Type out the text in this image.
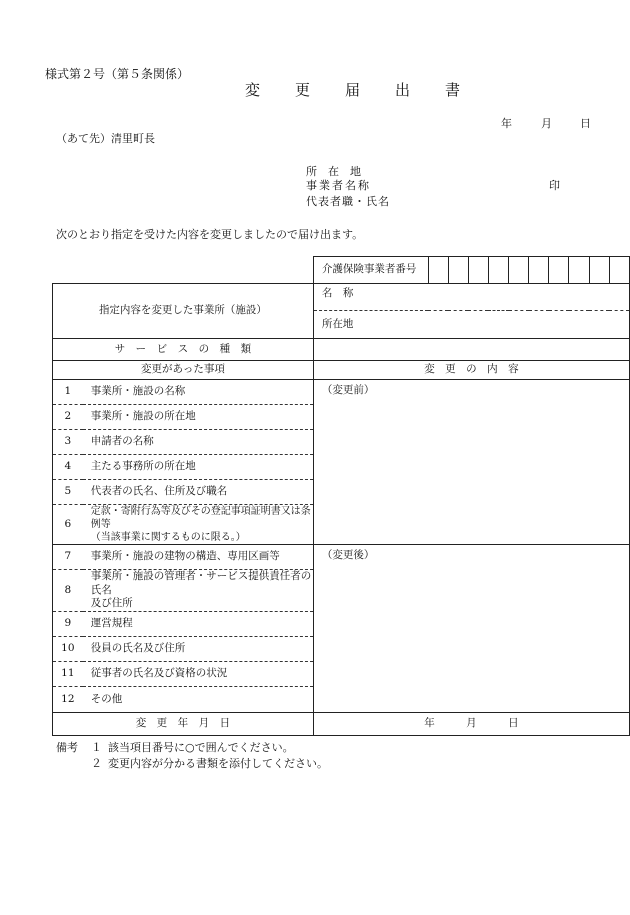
様式第２号（第５条関係）
変　更　届　出　書
年	月	日
（あて先）清里町長
所　在　地
事業者名称	印
代表者職・氏名
次のとおり指定を受けた内容を変更しましたので届け出ます。
		介護保険事業者番号										
指定内容を変更した事業所（施設）		名　称										
		所在地										
サ　ー　ビ　ス　の　種　類												
変更があった事項		変　更　の　内　容										
1	事業所・施設の名称	（変更前）										
2	事業所・施設の所在地											
3	申請者の名称											
4	主たる事務所の所在地											
5	代表者の氏名、住所及び職名											
6	定款・寄附行為等及びその登記事項証明書又は条例等
（当該事業に関するものに限る。）											

7	事業所・施設の建物の構造、専用区画等	（変更後）										
8	事業所・施設の管理者・サービス提供責任者の氏名
及び住所											

9	運営規程											
10	役員の氏名及び住所											
11	従事者の氏名及び資格の状況											
12	その他											
変　更　年　月　日		年　　　月　　　日										
備考 １ 該当項目番号に○で囲んでください。
２ 変更内容が分かる書類を添付してください。
